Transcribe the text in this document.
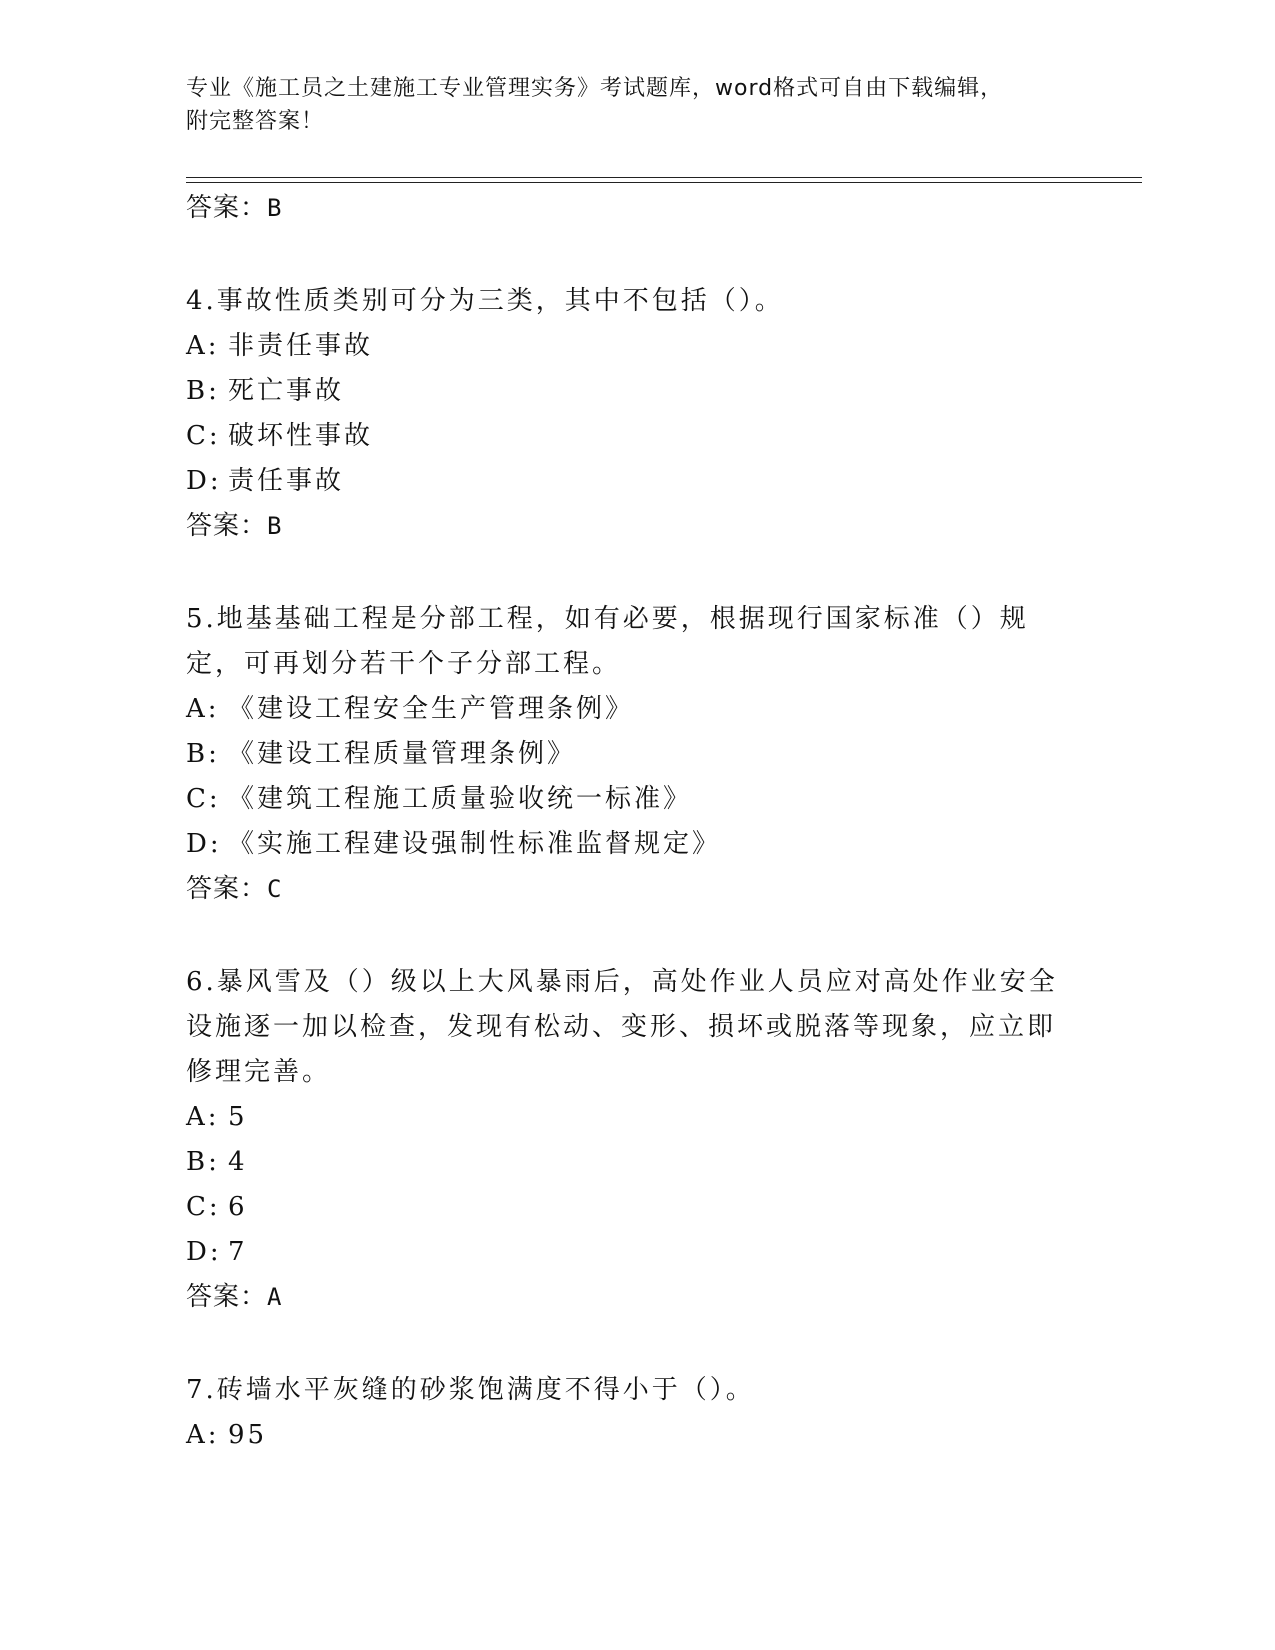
专业《施工员之土建施工专业管理实务》考试题库，word格式可自由下载编辑，
附完整答案！
答案：B
4.事故性质类别可分为三类，其中不包括（）。
A: 非责任事故
B: 死亡事故
C: 破坏性事故
D: 责任事故
答案：B
5.地基基础工程是分部工程，如有必要，根据现行国家标准（）规定，可再划分若干个子分部工程。
A: 《建设工程安全生产管理条例》
B: 《建设工程质量管理条例》
C: 《建筑工程施工质量验收统一标准》
D: 《实施工程建设强制性标准监督规定》
答案：C
6.暴风雪及（）级以上大风暴雨后，高处作业人员应对高处作业安全设施逐一加以检查，发现有松动、变形、损坏或脱落等现象，应立即修理完善。
A: 5
B: 4
C: 6
D: 7
答案：A
7.砖墙水平灰缝的砂浆饱满度不得小于（）。
A: 95
